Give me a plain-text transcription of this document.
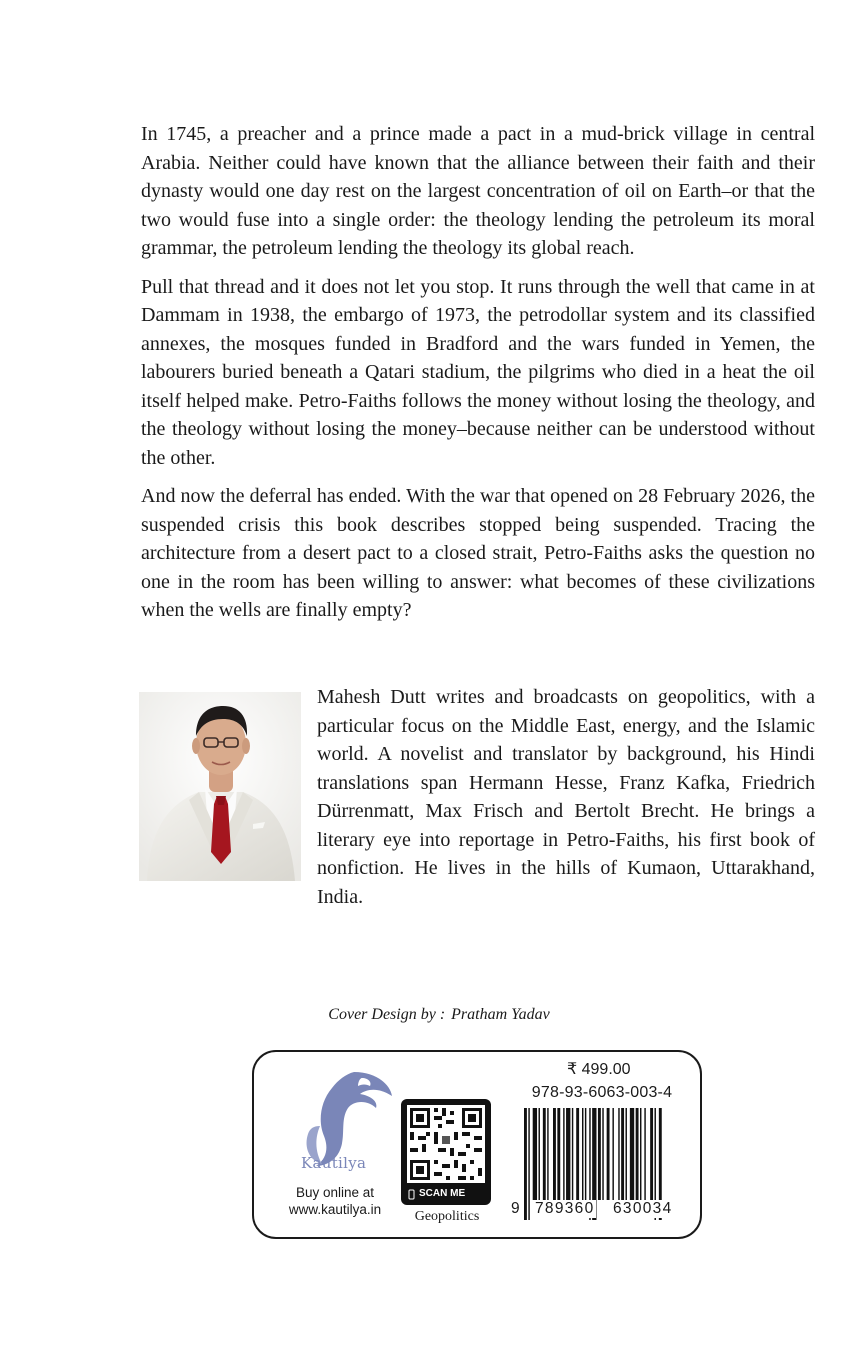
In 1745, a preacher and a prince made a pact in a mud-brick village in central Arabia. Neither could have known that the alliance between their faith and their dynasty would one day rest on the largest concentration of oil on Earth–or that the two would fuse into a single order: the theology lending the petroleum its moral grammar, the petroleum lending the theology its global reach.

Pull that thread and it does not let you stop. It runs through the well that came in at Dammam in 1938, the embargo of 1973, the petrodollar system and its classified annexes, the mosques funded in Bradford and the wars funded in Yemen, the labourers buried beneath a Qatari stadium, the pilgrims who died in a heat the oil itself helped make. Petro-Faiths follows the money without losing the theology, and the theology without losing the money–because neither can be understood without the other.

And now the deferral has ended. With the war that opened on 28 February 2026, the suspended crisis this book describes stopped being suspended. Tracing the architecture from a desert pact to a closed strait, Petro-Faiths asks the question no one in the room has been willing to answer: what becomes of these civilizations when the wells are finally empty?

Mahesh Dutt writes and broadcasts on geopolitics, with a particular focus on the Middle East, energy, and the Islamic world. A novelist and translator by background, his Hindi translations span Hermann Hesse, Franz Kafka, Friedrich Dürrenmatt, Max Frisch and Bertolt Brecht. He brings a literary eye into reportage in Petro-Faiths, his first book of nonfiction. He lives in the hills of Kumaon, Uttarakhand, India.

Cover Design by : Pratham Yadav
Kautilya
Buy online at
www.kautilya.in
SCAN ME
Geopolitics
₹ 499.00
978-93-6063-003-4
9 789360 630034
